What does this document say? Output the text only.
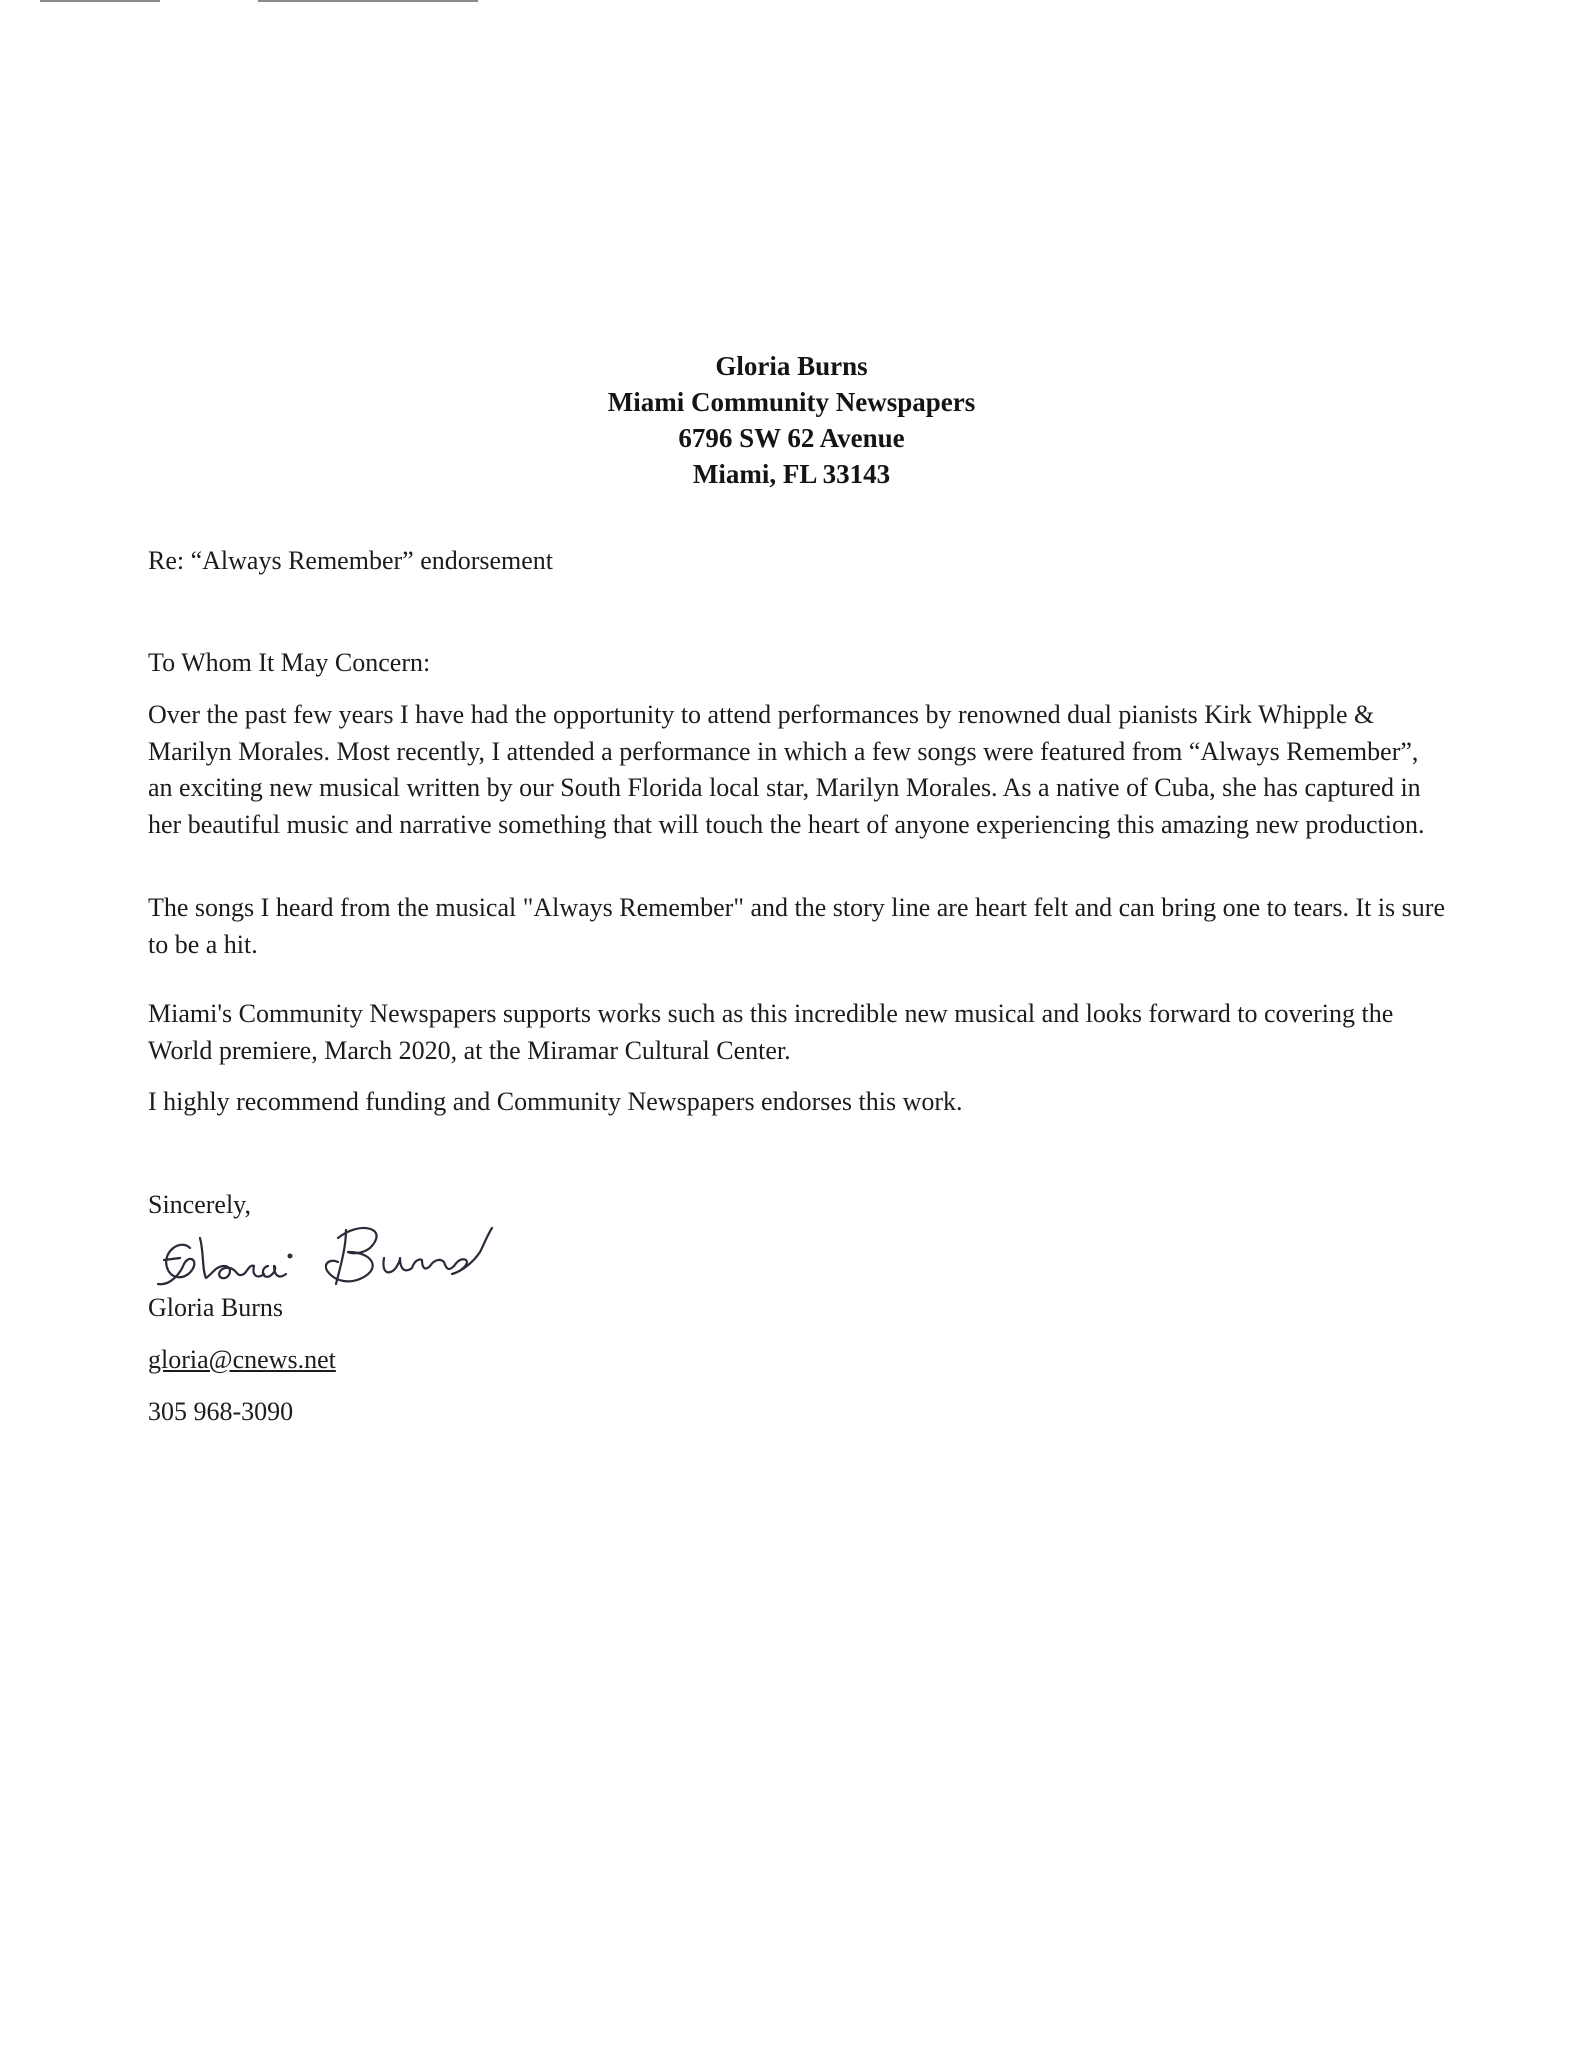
Gloria Burns
Miami Community Newspapers
6796 SW 62 Avenue
Miami, FL 33143

Re: “Always Remember” endorsement

To Whom It May Concern:

Over the past few years I have had the opportunity to attend performances by renowned dual pianists Kirk Whipple & Marilyn Morales. Most recently, I attended a performance in which a few songs were featured from “Always Remember”, an exciting new musical written by our South Florida local star, Marilyn Morales. As a native of Cuba, she has captured in her beautiful music and narrative something that will touch the heart of anyone experiencing this amazing new production.

The songs I heard from the musical "Always Remember" and the story line are heart felt and can bring one to tears. It is sure to be a hit.

Miami's Community Newspapers supports works such as this incredible new musical and looks forward to covering the World premiere, March 2020, at the Miramar Cultural Center.

I highly recommend funding and Community Newspapers endorses this work.

Sincerely,

Gloria Burns

gloria@cnews.net

305 968-3090
